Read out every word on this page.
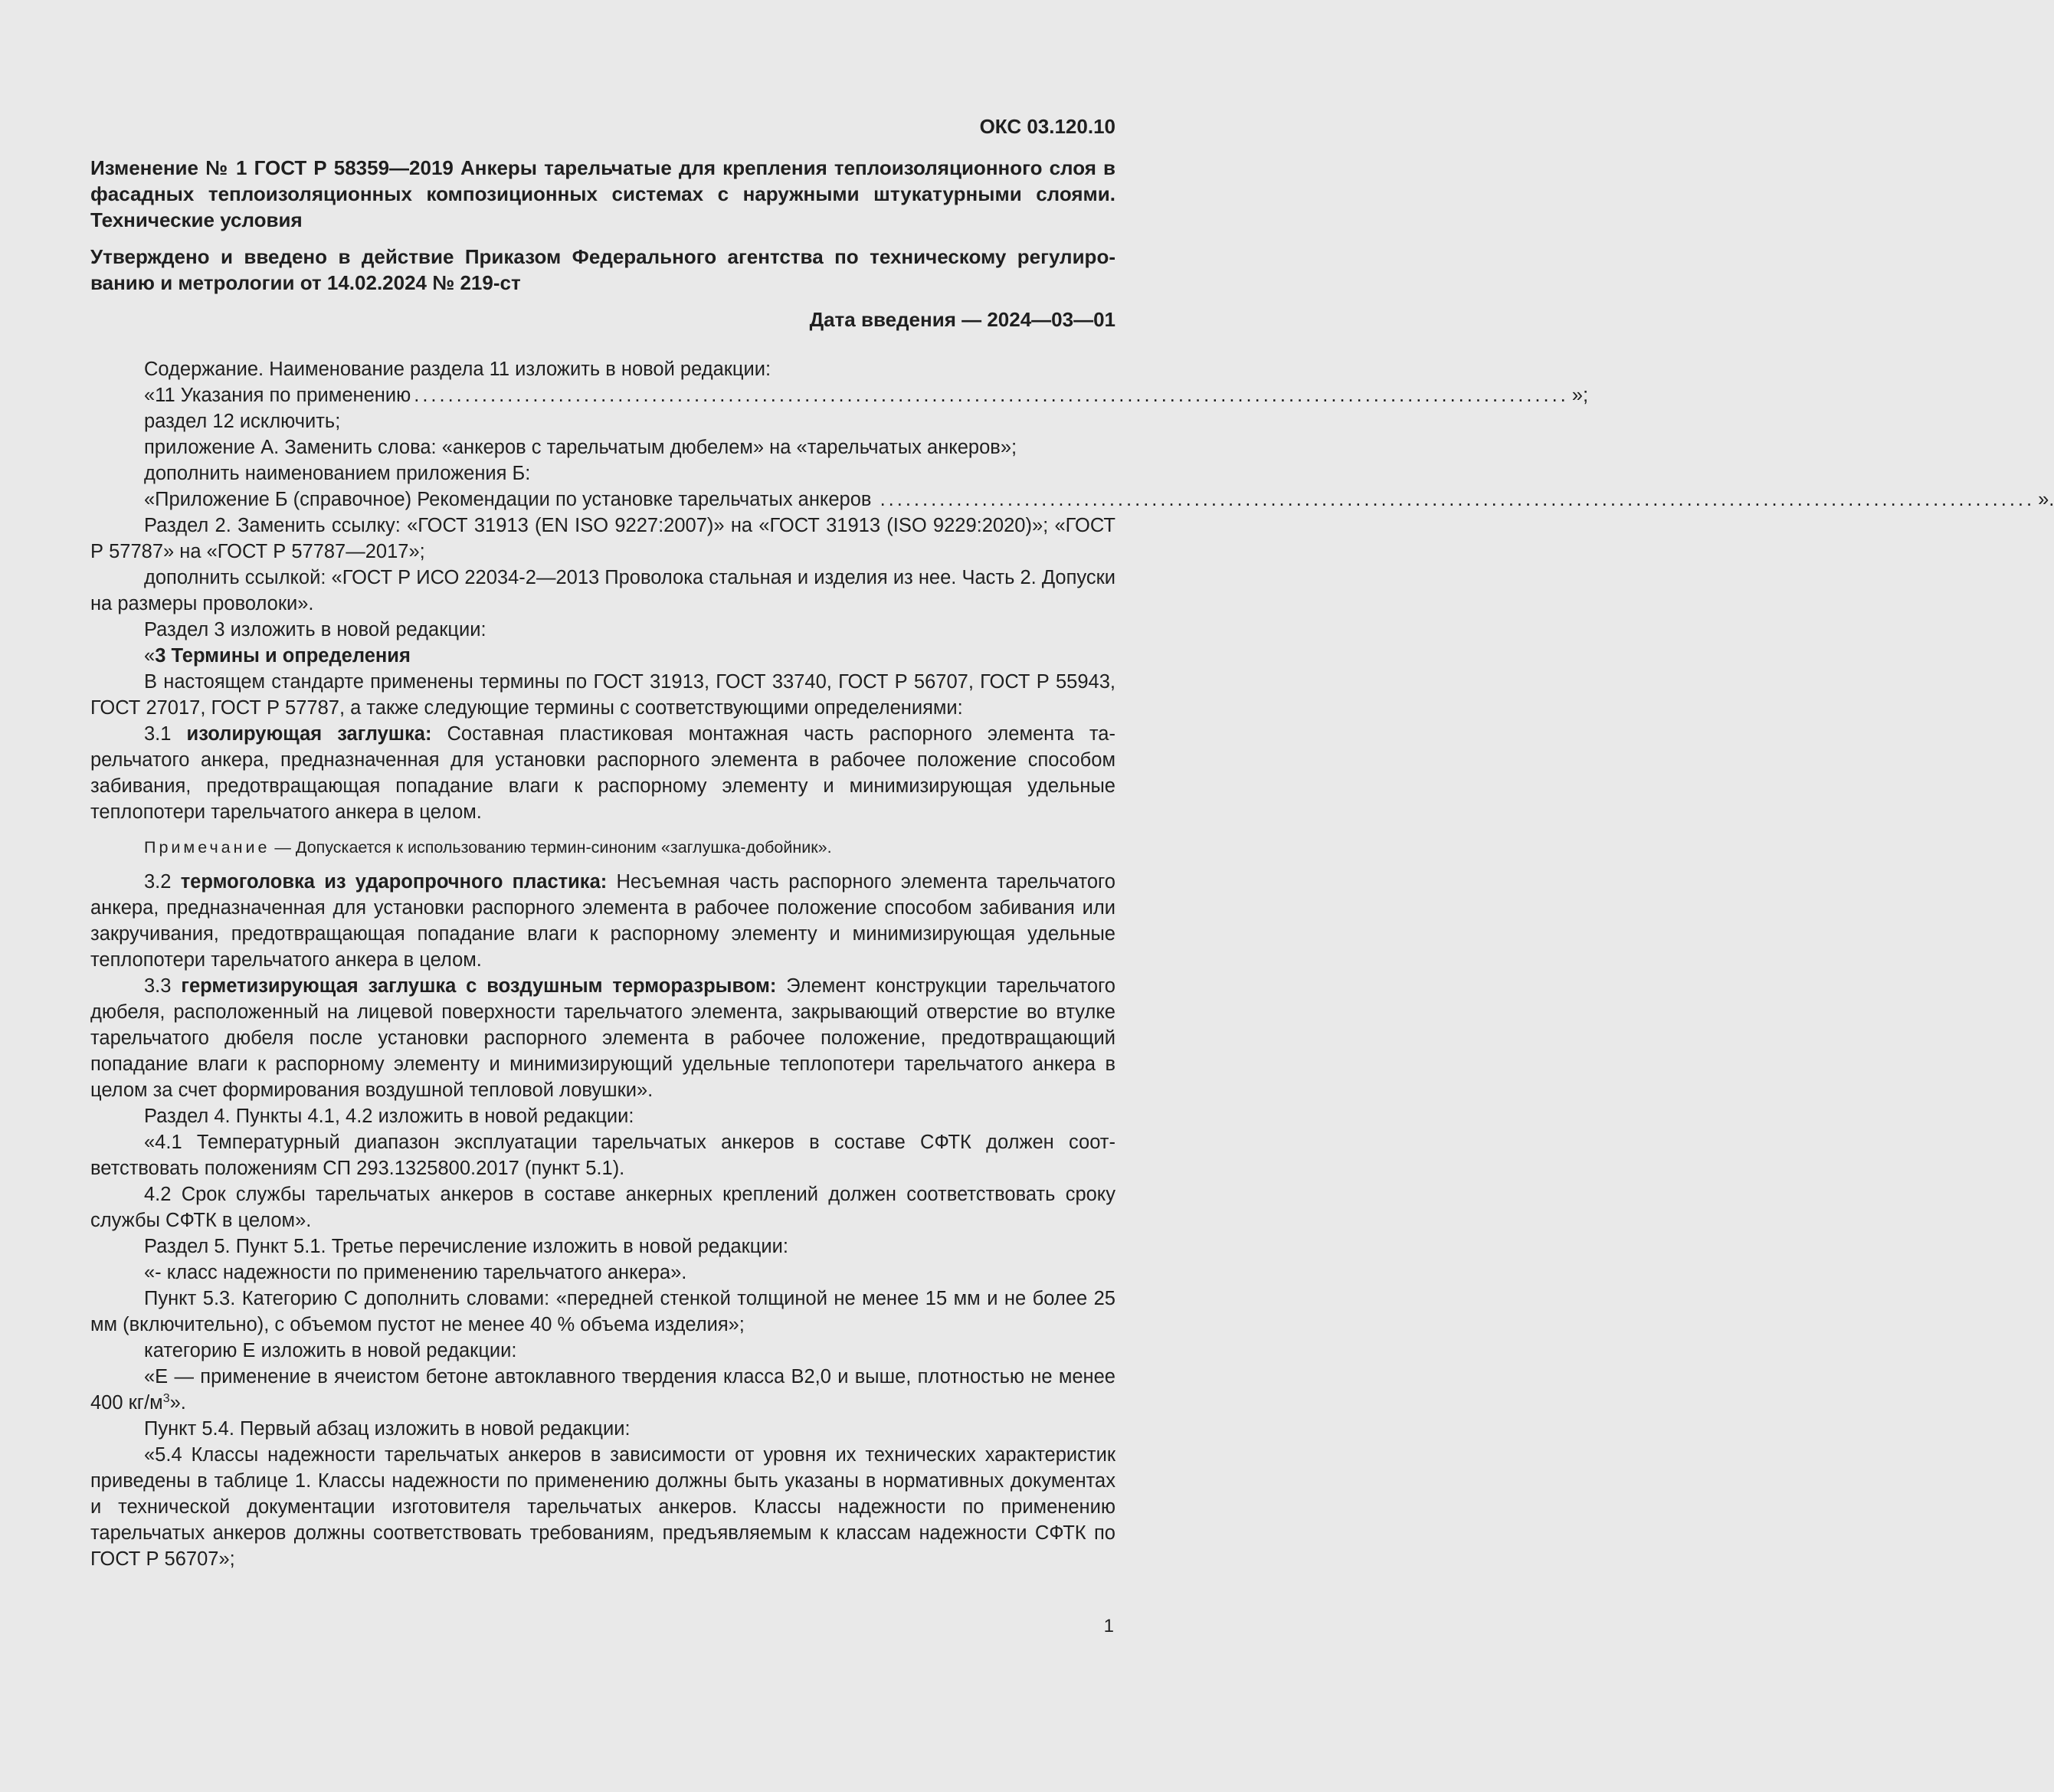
ОКС 03.120.10
Изменение № 1 ГОСТ Р 58359—2019 Анкеры тарельчатые для крепления теплоизоляционного слоя в фасадных теплоизоляционных композиционных системах с наружными штукатурными слоями. Технические условия
Утверждено и введено в действие Приказом Федерального агентства по техническому регулированию и метрологии от 14.02.2024 № 219-ст
Дата введения — 2024—03—01

Содержание. Наименование раздела 11 изложить в новой редакции:

«11 Указания по применению ........................................................................................................................................ »;

раздел 12 исключить;

приложение А. Заменить слова: «анкеров с тарельчатым дюбелем» на «тарельчатых анкеров»;

дополнить наименованием приложения Б:

«Приложение Б (справочное) Рекомендации по установке тарельчатых анкеров ........................................................................................................................................ ».

Раздел 2. Заменить ссылку: «ГОСТ 31913 (EN ISO 9227:2007)» на «ГОСТ 31913 (ISO 9229:2020)»; «ГОСТ Р 57787» на «ГОСТ Р 57787—2017»;

дополнить ссылкой: «ГОСТ Р ИСО 22034-2—2013 Проволока стальная и изделия из нее. Часть 2. Допуски на размеры проволоки».

Раздел 3 изложить в новой редакции:

«3 Термины и определения

В настоящем стандарте применены термины по ГОСТ 31913, ГОСТ 33740, ГОСТ Р 56707, ГОСТ Р 55943, ГОСТ 27017, ГОСТ Р 57787, а также следующие термины с соответствующими определениями:

3.1 изолирующая заглушка: Составная пластиковая монтажная часть распорного элемента тарельчатого анкера, предназначенная для установки распорного элемента в рабочее положение способом забивания, предотвращающая попадание влаги к распорному элементу и минимизирующая удельные теплопотери тарельчатого анкера в целом.

Примечание — Допускается к использованию термин-синоним «заглушка-добойник».

3.2 термоголовка из ударопрочного пластика: Несъемная часть распорного элемента тарельчатого анкера, предназначенная для установки распорного элемента в рабочее положение способом забивания или закручивания, предотвращающая попадание влаги к распорному элементу и минимизирующая удельные теплопотери тарельчатого анкера в целом.

3.3 герметизирующая заглушка с воздушным терморазрывом: Элемент конструкции тарельчатого дюбеля, расположенный на лицевой поверхности тарельчатого элемента, закрывающий отверстие во втулке тарельчатого дюбеля после установки распорного элемента в рабочее положение, предотвращающий попадание влаги к распорному элементу и минимизирующий удельные теплопотери тарельчатого анкера в целом за счет формирования воздушной тепловой ловушки».

Раздел 4. Пункты 4.1, 4.2 изложить в новой редакции:

«4.1 Температурный диапазон эксплуатации тарельчатых анкеров в составе СФТК должен соответствовать положениям СП 293.1325800.2017 (пункт 5.1).

4.2 Срок службы тарельчатых анкеров в составе анкерных креплений должен соответствовать сроку службы СФТК в целом».

Раздел 5. Пункт 5.1. Третье перечисление изложить в новой редакции:

«- класс надежности по применению тарельчатого анкера».

Пункт 5.3. Категорию С дополнить словами: «передней стенкой толщиной не менее 15 мм и не более 25 мм (включительно), с объемом пустот не менее 40 % объема изделия»;

категорию Е изложить в новой редакции:

«Е — применение в ячеистом бетоне автоклавного твердения класса В2,0 и выше, плотностью не менее 400 $кг/м^3$».

Пункт 5.4. Первый абзац изложить в новой редакции:

«5.4 Классы надежности тарельчатых анкеров в зависимости от уровня их технических характеристик приведены в таблице 1. Классы надежности по применению должны быть указаны в нормативных документах и технической документации изготовителя тарельчатых анкеров. Классы надежности по применению тарельчатых анкеров должны соответствовать требованиям, предъявляемым к классам надежности СФТК по ГОСТ Р 56707»;

1
